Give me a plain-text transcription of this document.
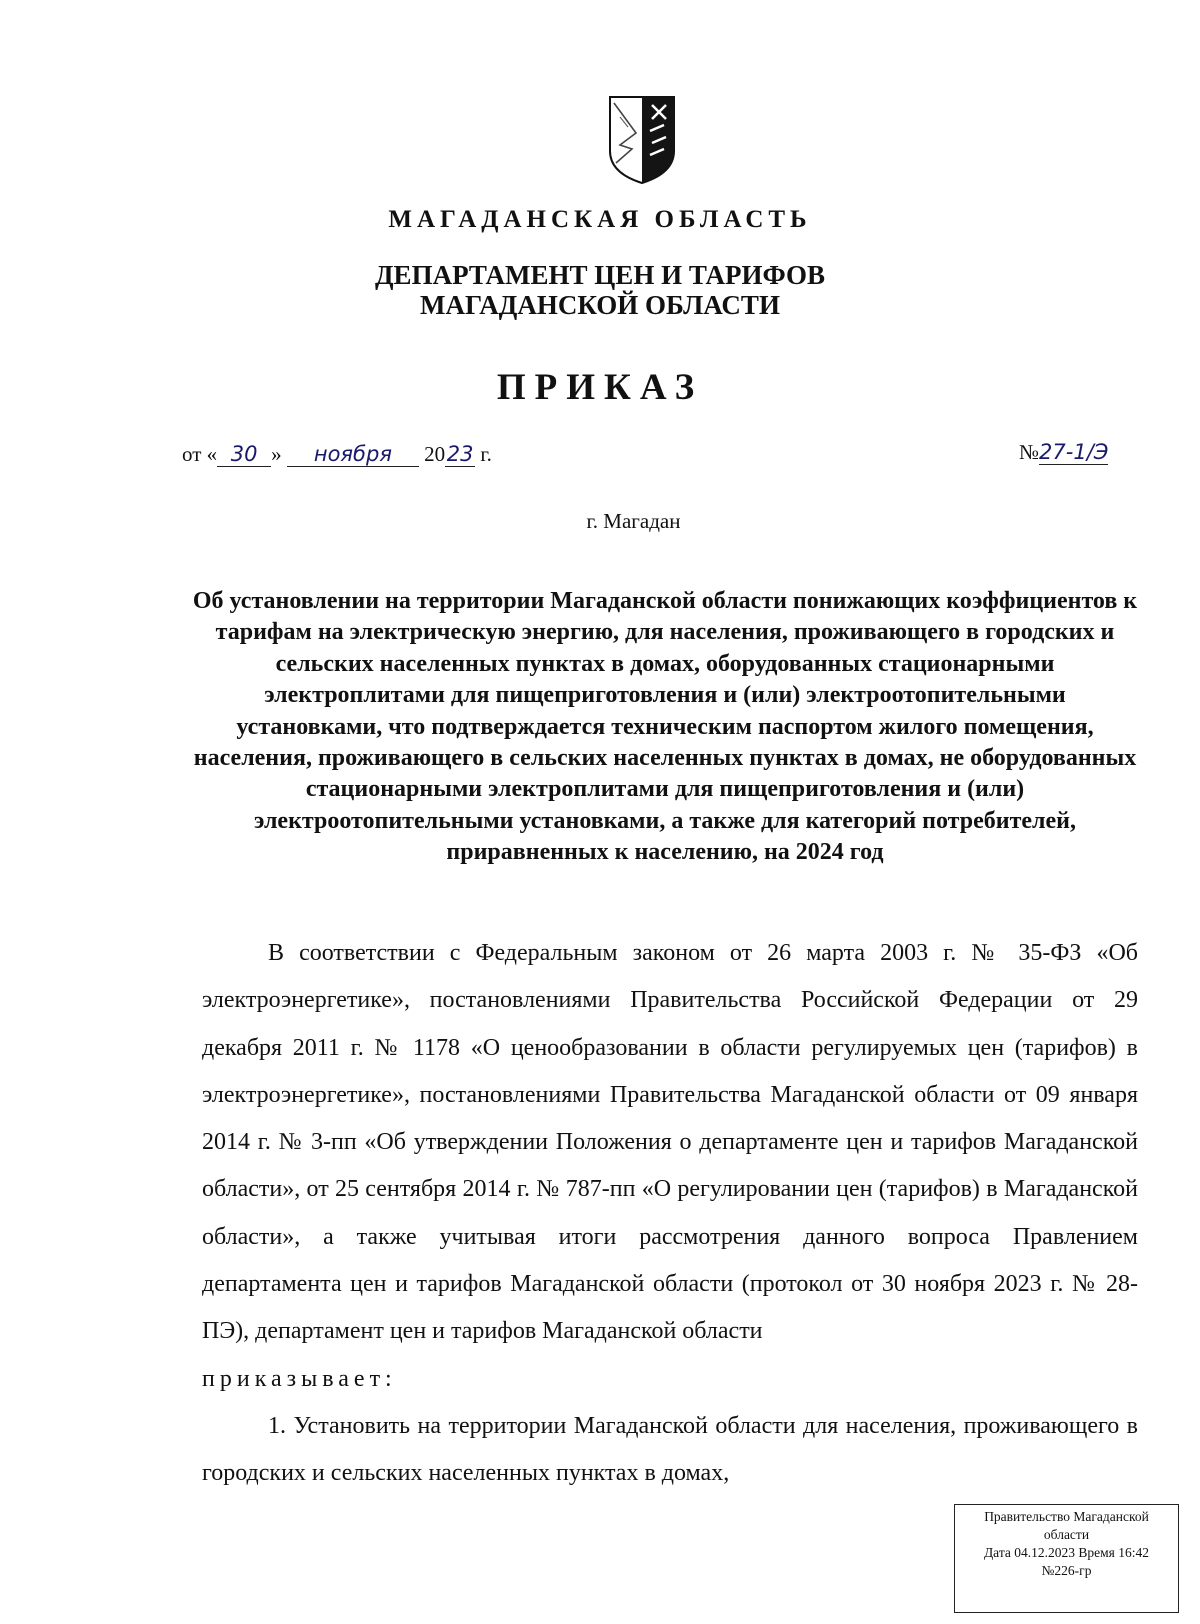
МАГАДАНСКАЯ ОБЛАСТЬ
ДЕПАРТАМЕНТ ЦЕН И ТАРИФОВ
МАГАДАНСКОЙ ОБЛАСТИ
ПРИКАЗ
от « 30 » ноября 2023 г.	№27-1/Э
г. Магадан
Об установлении на территории Магаданской области понижающих коэффициентов к тарифам на электрическую энергию, для населения, проживающего в городских и сельских населенных пунктах в домах, оборудованных стационарными электроплитами для пищеприготовления и (или) электроотопительными установками, что подтверждается техническим паспортом жилого помещения, населения, проживающего в сельских населенных пунктах в домах, не оборудованных стационарными электроплитами для пищеприготовления и (или) электроотопительными установками, а также для категорий потребителей, приравненных к населению, на 2024 год

В соответствии с Федеральным законом от 26 марта 2003 г. № 35-ФЗ «Об электроэнергетике», постановлениями Правительства Российской Федерации от 29 декабря 2011 г. № 1178 «О ценообразовании в области регулируемых цен (тарифов) в электроэнергетике», постановлениями Правительства Магаданской области от 09 января 2014 г. № 3-пп «Об утверждении Положения о департаменте цен и тарифов Магаданской области», от 25 сентября 2014 г. № 787-пп «О регулировании цен (тарифов) в Магаданской области», а также учитывая итоги рассмотрения данного вопроса Правлением департамента цен и тарифов Магаданской области (протокол от 30 ноября 2023 г. № 28-ПЭ), департамент цен и тарифов Магаданской области

приказывает:

1. Установить на территории Магаданской области для населения, проживающего в городских и сельских населенных пунктах в домах,

Правительство Магаданской
области
Дата 04.12.2023 Время 16:42
№226-гр
